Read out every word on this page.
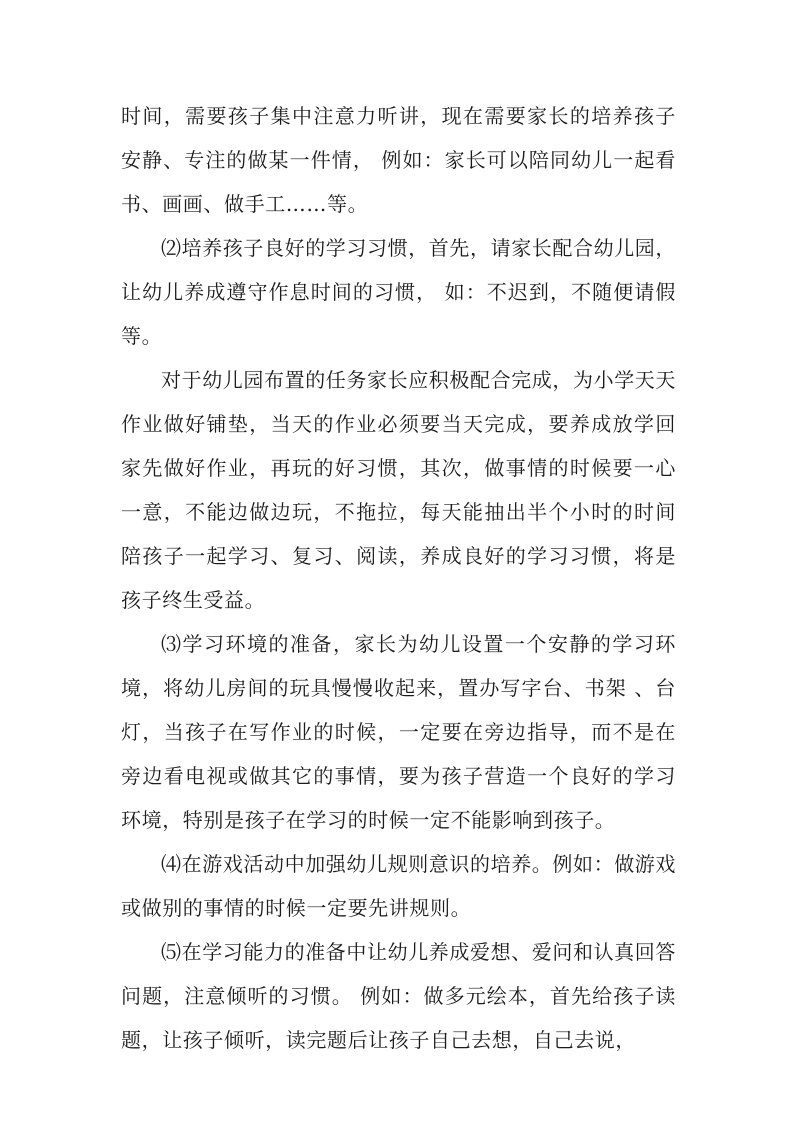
时间，需要孩子集中注意力听讲，现在需要家长的培养孩子安静、专注的做某一件情， 例如：家长可以陪同幼儿一起看书、画画、做手工……等。

⑵培养孩子良好的学习习惯，首先，请家长配合幼儿园，让幼儿养成遵守作息时间的习惯， 如：不迟到，不随便请假等。

对于幼儿园布置的任务家长应积极配合完成，为小学天天作业做好铺垫，当天的作业必须要当天完成，要养成放学回家先做好作业，再玩的好习惯，其次，做事情的时候要一心一意，不能边做边玩，不拖拉，每天能抽出半个小时的时间陪孩子一起学习、复习、阅读，养成良好的学习习惯，将是孩子终生受益。

⑶学习环境的准备，家长为幼儿设置一个安静的学习环境，将幼儿房间的玩具慢慢收起来，置办写字台、书架 、台灯，当孩子在写作业的时候，一定要在旁边指导，而不是在旁边看电视或做其它的事情，要为孩子营造一个良好的学习环境，特别是孩子在学习的时候一定不能影响到孩子。

⑷在游戏活动中加强幼儿规则意识的培养。例如：做游戏或做别的事情的时候一定要先讲规则。

⑸在学习能力的准备中让幼儿养成爱想、爱问和认真回答问题，注意倾听的习惯。 例如：做多元绘本，首先给孩子读题，让孩子倾听，读完题后让孩子自己去想，自己去说，
